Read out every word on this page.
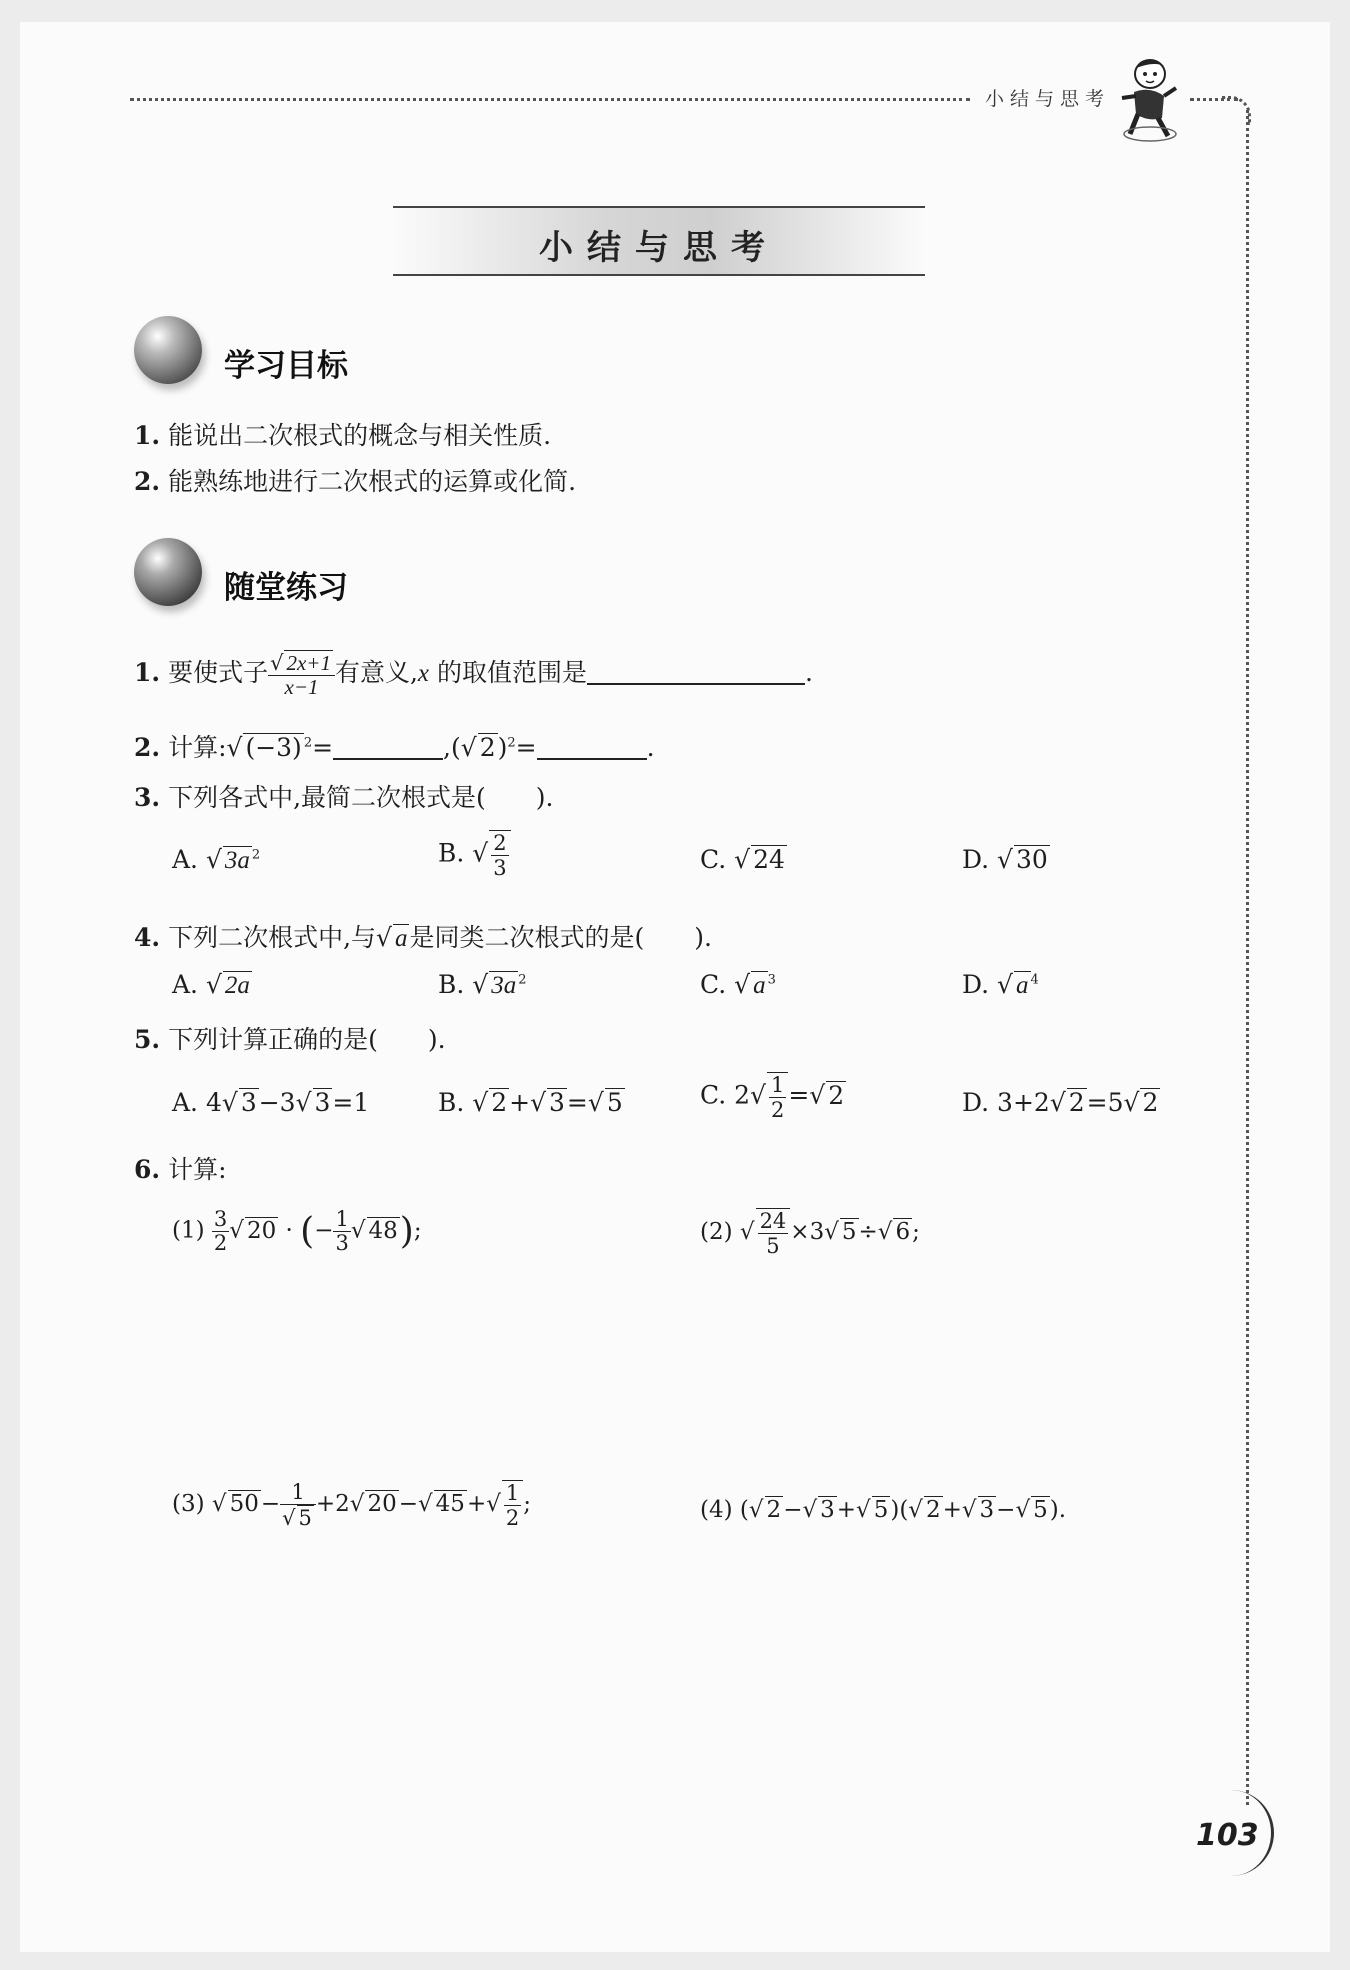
小结与思考
小结与思考
学习目标
1. 能说出二次根式的概念与相关性质.
2. 能熟练地进行二次根式的运算或化简.
随堂练习
1. 要使式子 $\frac{√ 2x+1}{x-1}$ 有意义,x 的取值范围是	.
2. 计算:√ (−3) $^2$=	,(√ 2)$^2$=	.
3. 下列各式中,最简二次根式是(　　).
A. √ 3a $^2$	B. √ $\frac{2}{3}$	C. √ 24	D. √ 30
4. 下列二次根式中,与√ a是同类二次根式的是(　　).
A. √ 2a	B. √ 3a $^2$	C. √ a $^3$	D. √ a $^4$
5. 下列计算正确的是(　　).
A. 4√ 3−3√ 3=1	B. √ 2+√ 3=√ 5	C. $2√ \frac{1}{2}$ =√ 2	D. 3+2√ 2=5√ 2
6. 计算:
$(1) \frac{3}{2}$ √ 20 · (− $\frac{1}{3}$ √ 48);	(2) √ $\frac{24}{5} \times 3√$ 5÷√ 6;
(3) √ $50- \frac{1}{√ 5} +2√$ 20−√ $45+√ \frac{1}{2}$ ;	(4) (√ 2−√ 3+√ 5)(√ 2+√ 3−√ 5).
103
